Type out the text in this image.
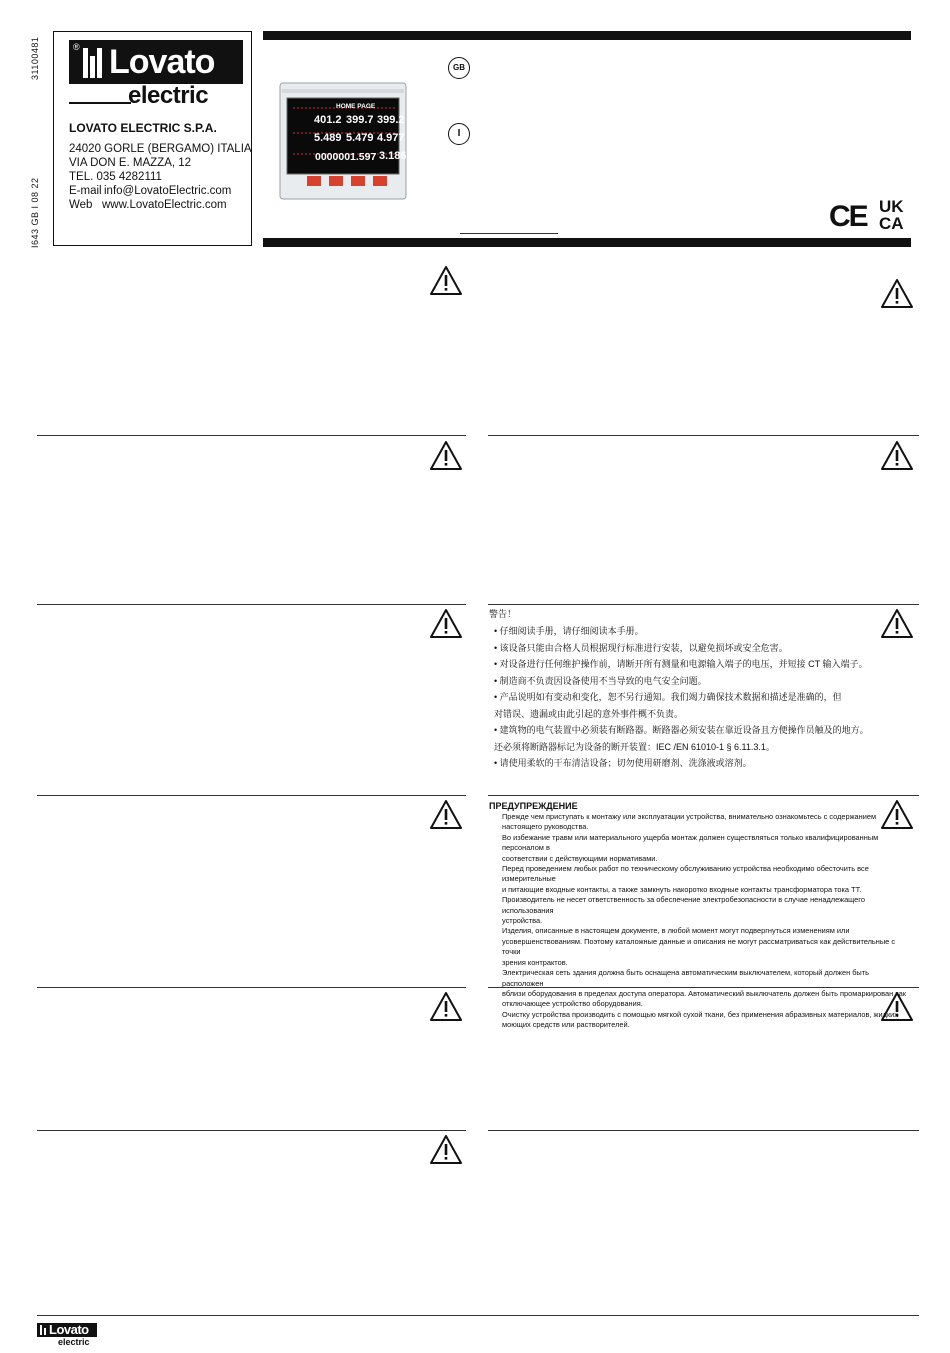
31100481
I643 GB I 08 22
® Lovato
electric
LOVATO ELECTRIC S.P.A.
24020 GORLE (BERGAMO) ITALIA
VIA DON E. MAZZA, 12
TEL. 035 4282111
E-mail info@LovatoElectric.com
Web www.LovatoElectric.com
HOME PAGE
401.2 399.7 399.2
5.489 5.479 4.977
0000001.597 3.186
GB
I
CE UK
CA
警告！
• 仔细阅读手册，请仔细阅读本手册。
• 该设备只能由合格人员根据现行标准进行安装，以避免损坏或安全危害。
• 对设备进行任何维护操作前，请断开所有测量和电源输入端子的电压，并短接 CT 输入端子。
• 制造商不负责因设备使用不当导致的电气安全问题。
• 产品说明如有变动和变化，恕不另行通知。我们竭力确保技术数据和描述是准确的，但
对错误、遗漏或由此引起的意外事件概不负责。
• 建筑物的电气装置中必须装有断路器。断路器必须安装在靠近设备且方便操作员触及的地方。
还必须将断路器标记为设备的断开装置：IEC /EN 61010-1 § 6.11.3.1。
• 请使用柔软的干布清洁设备；切勿使用研磨剂、洗涤液或溶剂。
ПРЕДУПРЕЖДЕНИЕ
Прежде чем приступать к монтажу или эксплуатации устройства, внимательно ознакомьтесь с содержанием
настоящего руководства.
Во избежание травм или материального ущерба монтаж должен существляться только квалифицированным персоналом в
соответствии с действующими нормативами.
Перед проведением любых работ по техническому обслуживанию устройства необходимо обесточить все измерительные
и питающие входные контакты, а также замкнуть накоротко входные контакты трансформатора тока ТТ.
Производитель не несет ответственность за обеспечение электробезопасности в случае ненадлежащего использования
устройства.
Изделия, описанные в настоящем документе, в любой момент могут подвергнуться изменениям или
усовершенствованиям. Поэтому каталожные данные и описания не могут рассматриваться как действительные с точки
зрения контрактов.
Электрическая сеть здания должна быть оснащена автоматическим выключателем, который должен быть расположен
вблизи оборудования в пределах доступа оператора. Автоматический выключатель должен быть промаркирован как
отключающее устройство оборудования.
Очистку устройства производить с помощью мягкой сухой ткани, без применения абразивных материалов, жидких
моющих средств или растворителей.
Lovato
electric
